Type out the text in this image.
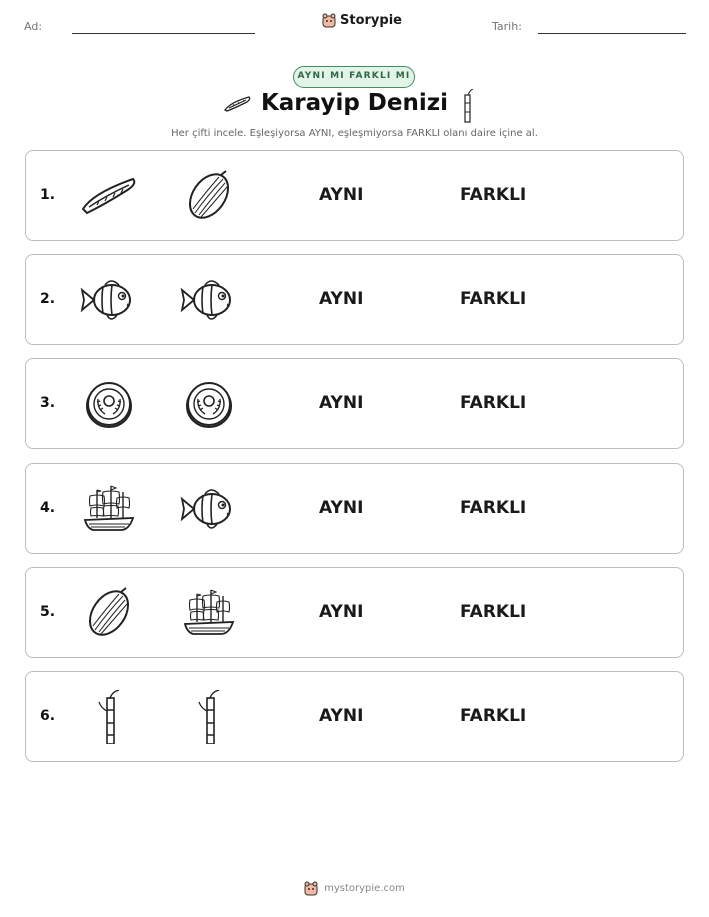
Ad:	Storypie	Tarih:
AYNI MI FARKLI MI
Karayip Denizi
Her çifti incele. Eşleşiyorsa AYNI, eşleşmiyorsa FARKLI olanı daire içine al.
1.	AYNI	FARKLI
2.	AYNI	FARKLI
3.	AYNI	FARKLI
4.	AYNI	FARKLI
5.	AYNI	FARKLI
6.	AYNI	FARKLI
mystorypie.com
